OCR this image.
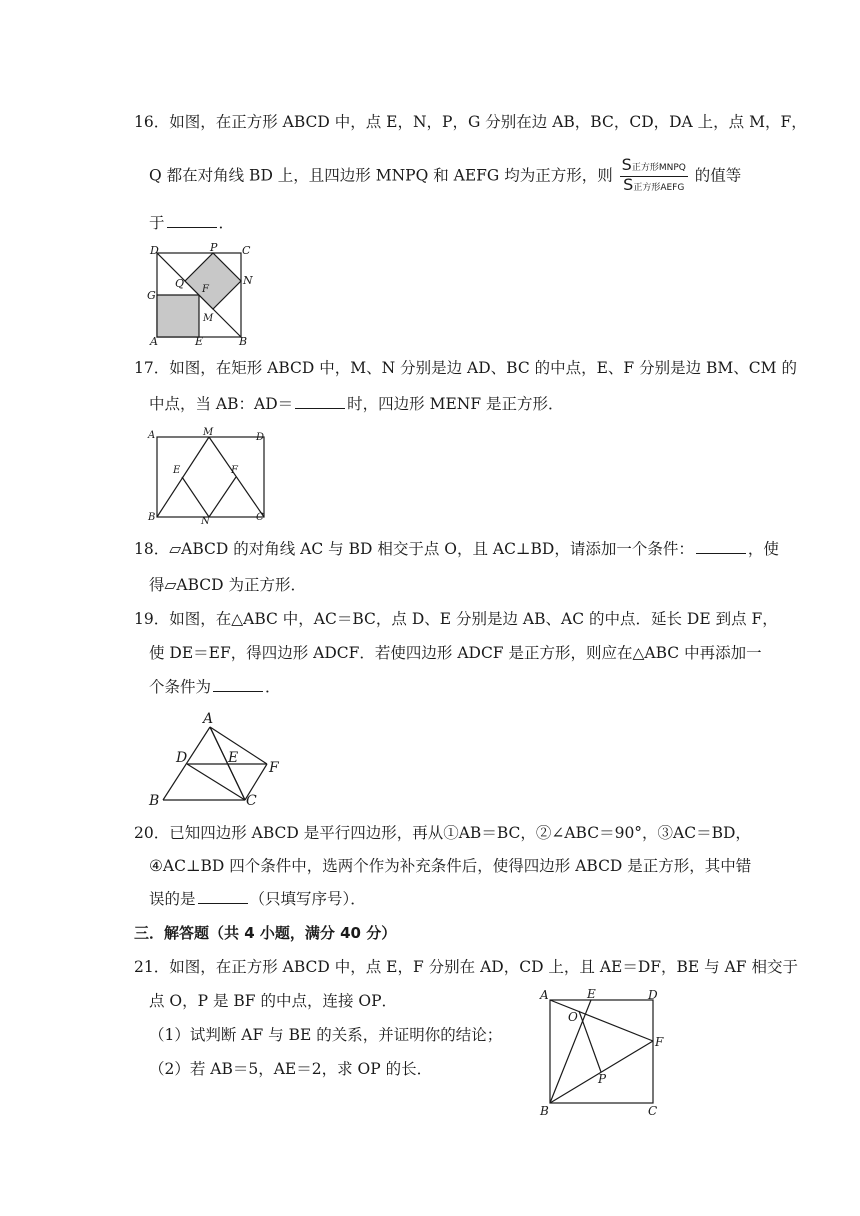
16．如图，在正方形 ABCD 中，点 E，N，P，G 分别在边 AB，BC，CD，DA 上，点 M，F，
Q 都在对角线 BD 上，且四边形 MNPQ 和 AEFG 均为正方形，则 $\frac{\text{S正方形MNPQ}}{\text{S正方形AEFG}}$ 的值等
于	．
D	P C
G
Q F
N
M
A	E	B
17．如图，在矩形 ABCD 中，M、N 分别是边 AD、BC 的中点，E、F 分别是边 BM、CM 的
中点，当 AB：AD＝	时，四边形 MENF 是正方形．
A	M	D
E	F
B	N	C
18．▱ABCD 的对角线 AC 与 BD 相交于点 O，且 AC⊥BD，请添加一个条件：	，使
得▱ABCD 为正方形．
19．如图，在△ABC 中，AC＝BC，点 D、E 分别是边 AB、AC 的中点．延长 DE 到点 F，
使 DE＝EF，得四边形 ADCF．若使四边形 ADCF 是正方形，则应在△ABC 中再添加一
个条件为	．
A
D	E
F
B	C
20．已知四边形 ABCD 是平行四边形，再从①AB＝BC，②∠ABC＝90°，③AC＝BD，
④AC⊥BD 四个条件中，选两个作为补充条件后，使得四边形 ABCD 是正方形，其中错
误的是	（只填写序号）．
三．解答题（共 4 小题，满分 40 分）
21．如图，在正方形 ABCD 中，点 E，F 分别在 AD，CD 上，且 AE＝DF，BE 与 AF 相交于
点 O，P 是 BF 的中点，连接 OP．
（1）试判断 AF 与 BE 的关系，并证明你的结论；
（2）若 AB＝5，AE＝2，求 OP 的长．
A	E	D
O
F
P
B	C
